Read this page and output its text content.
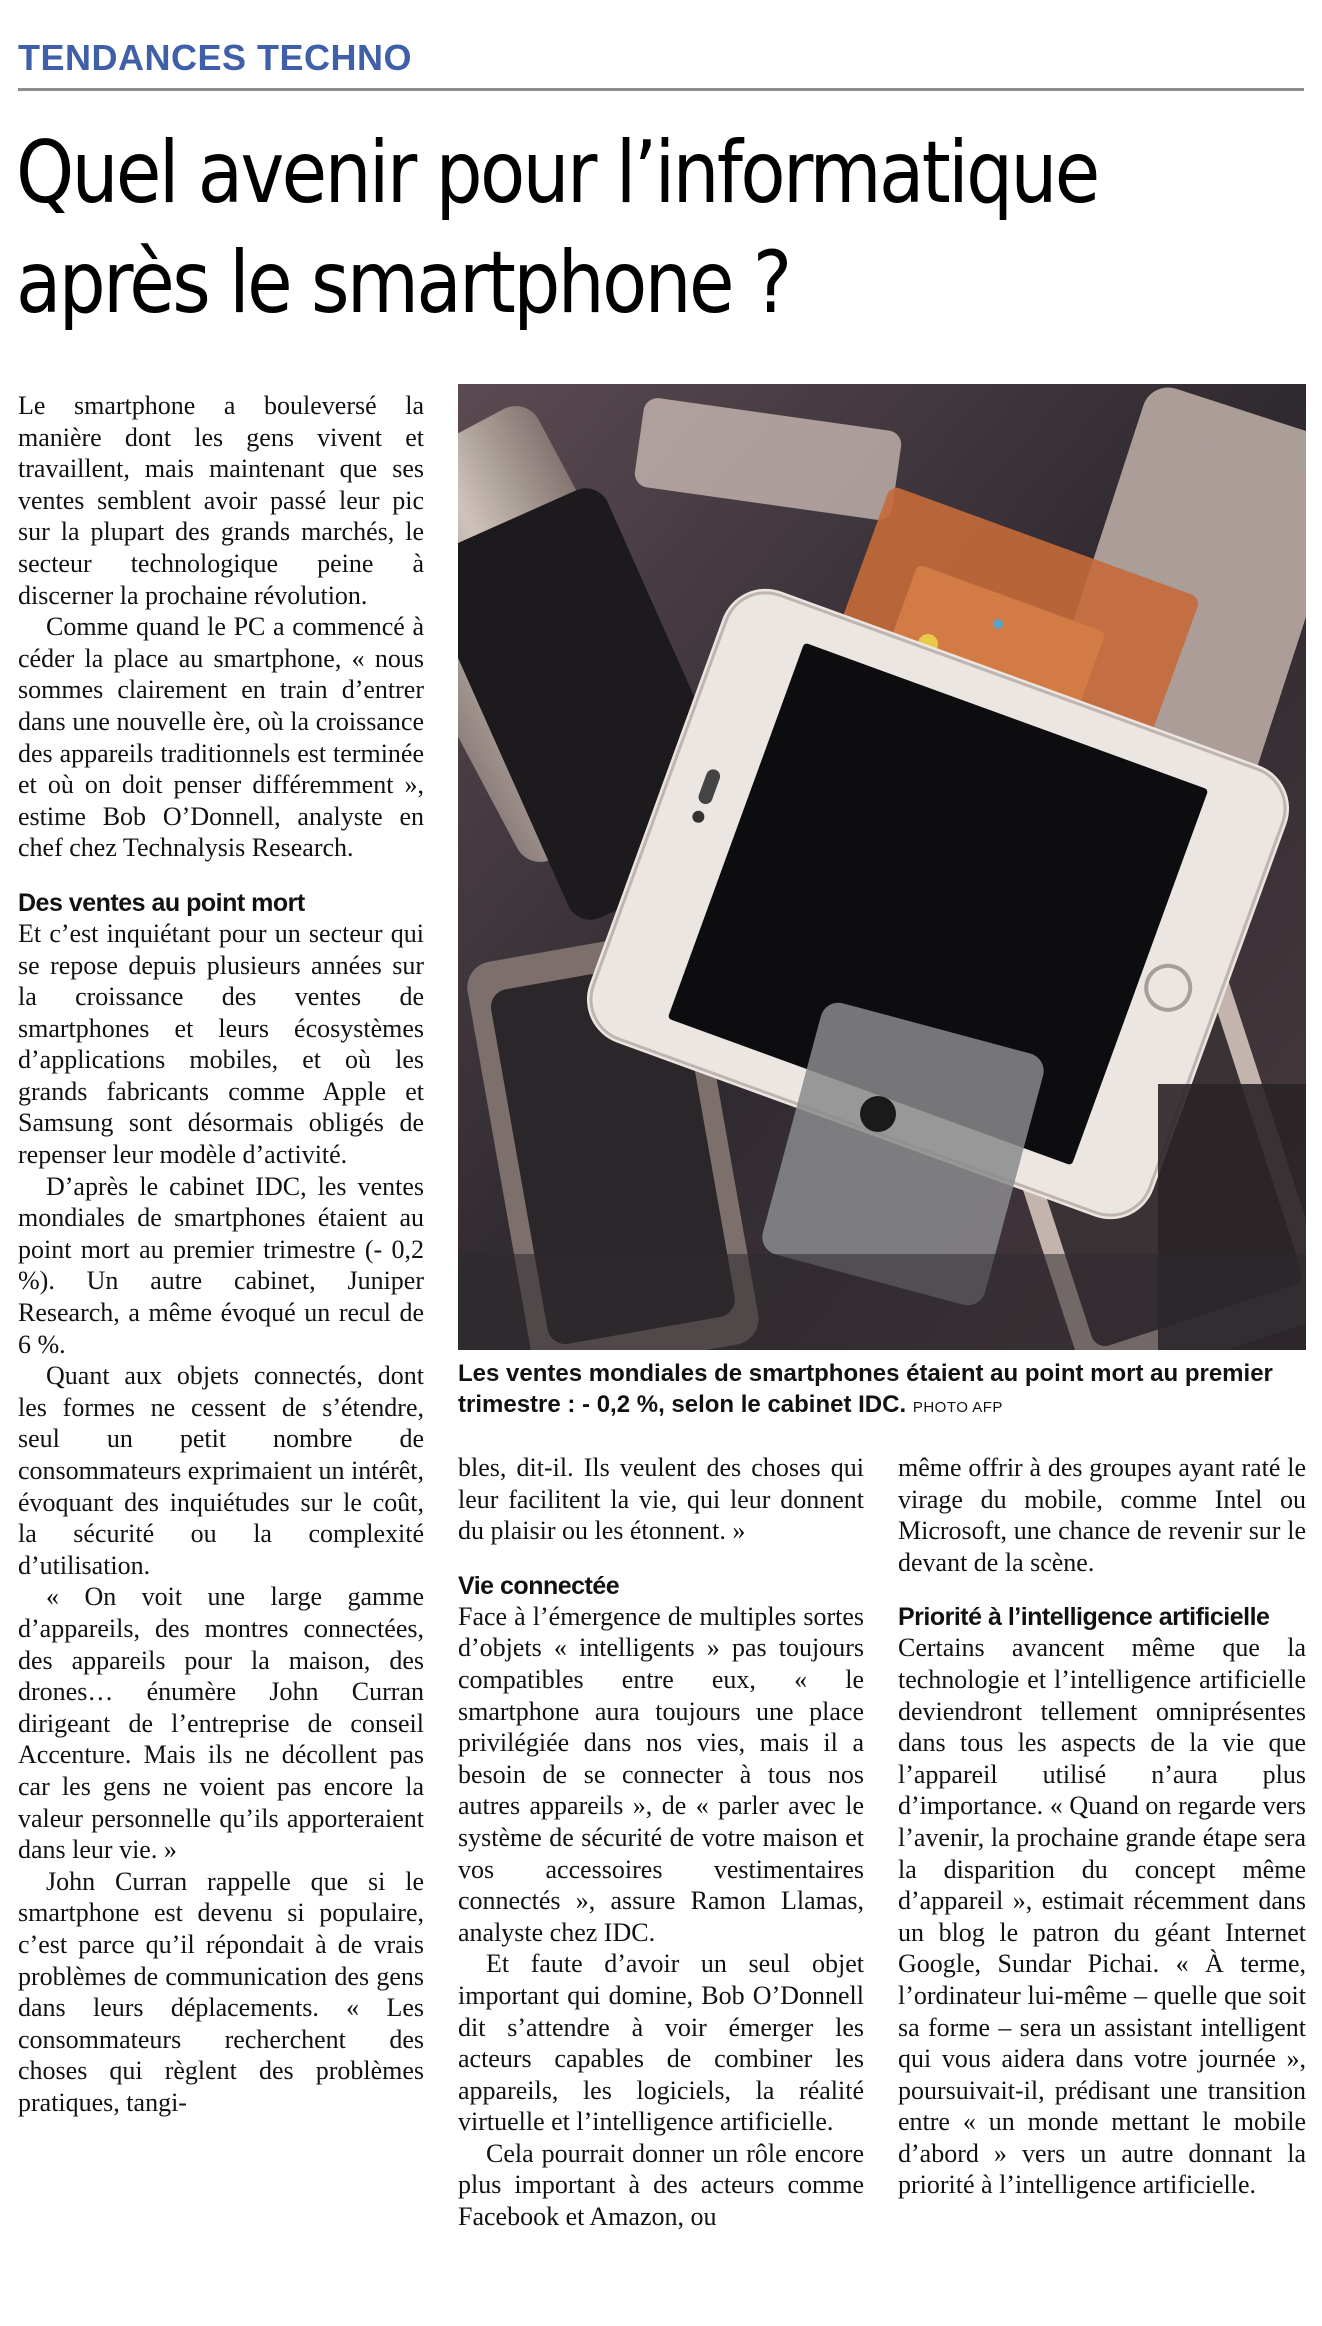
TENDANCES TECHNO
Quel avenir pour l’informatique
après le smartphone ?

Le smartphone a bouleversé la manière dont les gens vivent et travaillent, mais maintenant que ses ventes semblent avoir passé leur pic sur la plupart des grands marchés, le secteur technologique peine à discerner la prochaine révolution.

Comme quand le PC a commencé à céder la place au smartphone, « nous sommes clairement en train d’entrer dans une nouvelle ère, où la croissance des appareils traditionnels est terminée et où on doit penser différemment », estime Bob O’Donnell, analyste en chef chez Technalysis Research.

Des ventes au point mort

Et c’est inquiétant pour un secteur qui se repose depuis plusieurs années sur la croissance des ventes de smartphones et leurs écosystèmes d’applications mobiles, et où les grands fabricants comme Apple et Samsung sont désormais obligés de repenser leur modèle d’activité.

D’après le cabinet IDC, les ventes mondiales de smartphones étaient au point mort au premier trimestre (- 0,2 %). Un autre cabinet, Juniper Research, a même évoqué un recul de 6 %.

Quant aux objets connectés, dont les formes ne cessent de s’étendre, seul un petit nombre de consommateurs exprimaient un intérêt, évoquant des inquiétudes sur le coût, la sécurité ou la complexité d’utilisation.

« On voit une large gamme d’appareils, des montres connectées, des appareils pour la maison, des drones… énumère John Curran dirigeant de l’entreprise de conseil Accenture. Mais ils ne décollent pas car les gens ne voient pas encore la valeur personnelle qu’ils apporteraient dans leur vie. »

John Curran rappelle que si le smartphone est devenu si populaire, c’est parce qu’il répondait à de vrais problèmes de communication des gens dans leurs déplacements. « Les consommateurs recherchent des choses qui règlent des problèmes pratiques, tangi-

Les ventes mondiales de smartphones étaient au point mort au premier trimestre : - 0,2 %, selon le cabinet IDC. PHOTO AFP

bles, dit-il. Ils veulent des choses qui leur facilitent la vie, qui leur donnent du plaisir ou les étonnent. »

Vie connectée

Face à l’émergence de multiples sortes d’objets « intelligents » pas toujours compatibles entre eux, « le smartphone aura toujours une place privilégiée dans nos vies, mais il a besoin de se connecter à tous nos autres appareils », de « parler avec le système de sécurité de votre maison et vos accessoires vestimentaires connectés », assure Ramon Llamas, analyste chez IDC.

Et faute d’avoir un seul objet important qui domine, Bob O’Donnell dit s’attendre à voir émerger les acteurs capables de combiner les appareils, les logiciels, la réalité virtuelle et l’intelligence artificielle.

Cela pourrait donner un rôle encore plus important à des acteurs comme Facebook et Amazon, ou

même offrir à des groupes ayant raté le virage du mobile, comme Intel ou Microsoft, une chance de revenir sur le devant de la scène.

Priorité à l’intelligence artificielle

Certains avancent même que la technologie et l’intelligence artificielle deviendront tellement omniprésentes dans tous les aspects de la vie que l’appareil utilisé n’aura plus d’importance. « Quand on regarde vers l’avenir, la prochaine grande étape sera la disparition du concept même d’appareil », estimait récemment dans un blog le patron du géant Internet Google, Sundar Pichai. « À terme, l’ordinateur lui-même – quelle que soit sa forme – sera un assistant intelligent qui vous aidera dans votre journée », poursuivait-il, prédisant une transition entre « un monde mettant le mobile d’abord » vers un autre donnant la priorité à l’intelligence artificielle.
